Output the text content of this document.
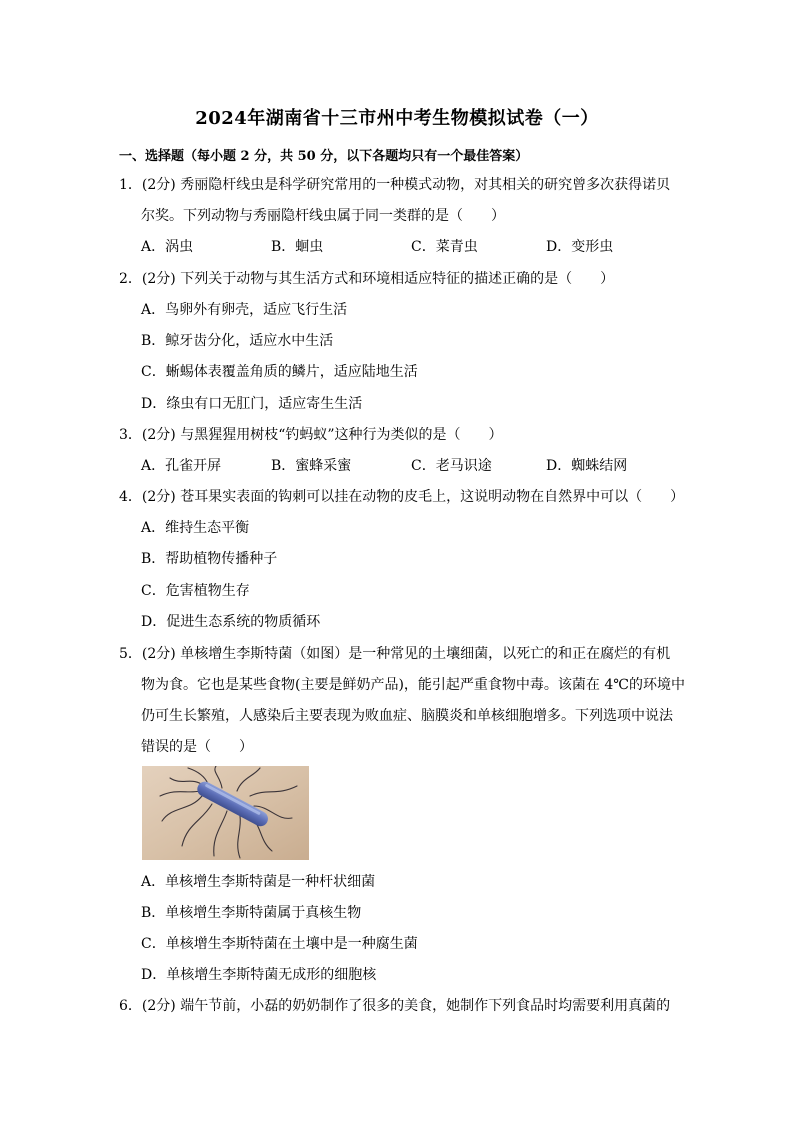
2024年湖南省十三市州中考生物模拟试卷（一）
一、选择题（每小题 2 分，共 50 分，以下各题均只有一个最佳答案）
1．(2分) 秀丽隐杆线虫是科学研究常用的一种模式动物，对其相关的研究曾多次获得诺贝
尔奖。下列动物与秀丽隐杆线虫属于同一类群的是（　　）
A．涡虫	B．蛔虫	C．菜青虫	D．变形虫
2．(2分) 下列关于动物与其生活方式和环境相适应特征的描述正确的是（　　）
A．鸟卵外有卵壳，适应飞行生活
B．鲸牙齿分化，适应水中生活
C．蜥蜴体表覆盖角质的鳞片，适应陆地生活
D．绦虫有口无肛门，适应寄生生活
3．(2分) 与黑猩猩用树枝“钓蚂蚁”这种行为类似的是（　　）
A．孔雀开屏	B．蜜蜂采蜜	C．老马识途	D．蜘蛛结网
4．(2分) 苍耳果实表面的钩刺可以挂在动物的皮毛上，这说明动物在自然界中可以（　　）
A．维持生态平衡
B．帮助植物传播种子
C．危害植物生存
D．促进生态系统的物质循环
5．(2分) 单核增生李斯特菌（如图）是一种常见的土壤细菌，以死亡的和正在腐烂的有机
物为食。它也是某些食物(主要是鲜奶产品)，能引起严重食物中毒。该菌在 4℃的环境中
仍可生长繁殖，人感染后主要表现为败血症、脑膜炎和单核细胞增多。下列选项中说法
错误的是（　　）
A．单核增生李斯特菌是一种杆状细菌
B．单核增生李斯特菌属于真核生物
C．单核增生李斯特菌在土壤中是一种腐生菌
D．单核增生李斯特菌无成形的细胞核
6．(2分) 端午节前，小磊的奶奶制作了很多的美食，她制作下列食品时均需要利用真菌的
